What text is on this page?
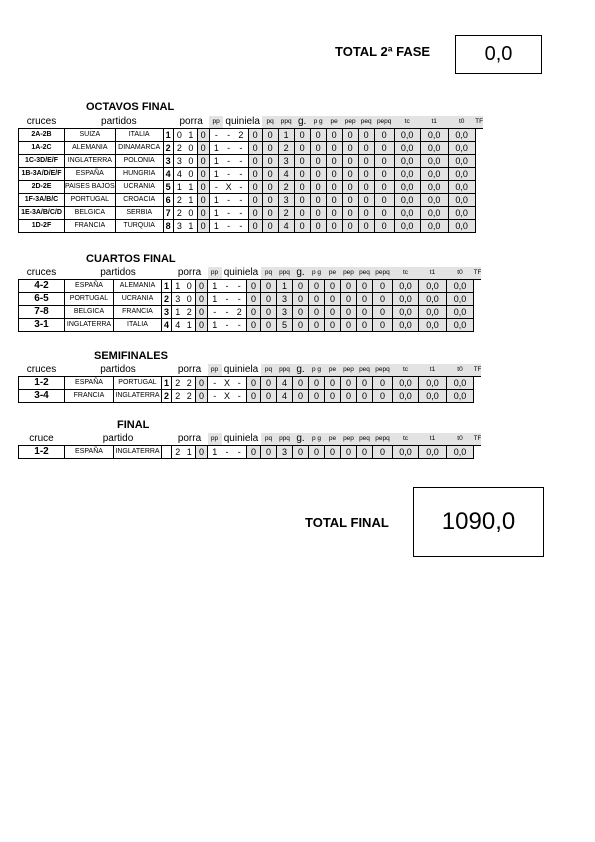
TOTAL 2ª FASE	0,0
TOTAL FINAL	1090,0
OCTAVOS FINAL
cruces	partidos			porra			pp	quiniela			pq	ppq	g.	p g	pe	pep	peq	pepq	tc	t1	t0	TF
2A-2B	SUIZA	ITALIA	1	0	1	0	-	-	2	0	0	1	0	0	0	0	0	0	0,0	0,0	0,0	
1A-2C	ALEMANIA	DINAMARCA	2	2	0	0	1	-	-	0	0	2	0	0	0	0	0	0	0,0	0,0	0,0	
1C-3D/E/F	INGLATERRA	POLONIA	3	3	0	0	1	-	-	0	0	3	0	0	0	0	0	0	0,0	0,0	0,0	
1B-3A/D/E/F	ESPAÑA	HUNGRIA	4	4	0	0	1	-	-	0	0	4	0	0	0	0	0	0	0,0	0,0	0,0	
2D-2E	PAISES BAJOS	UCRANIA	5	1	1	0	-	X	-	0	0	2	0	0	0	0	0	0	0,0	0,0	0,0	
1F-3A/B/C	PORTUGAL	CROACIA	6	2	1	0	1	-	-	0	0	3	0	0	0	0	0	0	0,0	0,0	0,0	
1E-3A/B/C/D	BELGICA	SERBIA	7	2	0	0	1	-	-	0	0	2	0	0	0	0	0	0	0,0	0,0	0,0	
1D-2F	FRANCIA	TURQUIA	8	3	1	0	1	-	-	0	0	4	0	0	0	0	0	0	0,0	0,0	0,0	
CUARTOS FINAL
cruces	partidos			porra			pp	quiniela			pq	ppq	g.	p g	pe	pep	peq	pepq	tc	t1	t0	TF
4-2	ESPAÑA	ALEMANIA	1	1	0	0	1	-	-	0	0	1	0	0	0	0	0	0	0,0	0,0	0,0	
6-5	PORTUGAL	UCRANIA	2	3	0	0	1	-	-	0	0	3	0	0	0	0	0	0	0,0	0,0	0,0	
7-8	BELGICA	FRANCIA	3	1	2	0	-	-	2	0	0	3	0	0	0	0	0	0	0,0	0,0	0,0	
3-1	INGLATERRA	ITALIA	4	4	1	0	1	-	-	0	0	5	0	0	0	0	0	0	0,0	0,0	0,0	
SEMIFINALES
cruces	partidos			porra			pp	quiniela			pq	ppq	g.	p g	pe	pep	peq	pepq	tc	t1	t0	TF
1-2	ESPAÑA	PORTUGAL	1	2	2	0	-	X	-	0	0	4	0	0	0	0	0	0	0,0	0,0	0,0	
3-4	FRANCIA	INGLATERRA	2	2	2	0	-	X	-	0	0	4	0	0	0	0	0	0	0,0	0,0	0,0	
FINAL
cruce	partido			porra			pp	quiniela			pq	ppq	g.	p g	pe	pep	peq	pepq	tc	t1	t0	TF
1-2	ESPAÑA	INGLATERRA		2	1	0	1	-	-	0	0	3	0	0	0	0	0	0	0,0	0,0	0,0	
